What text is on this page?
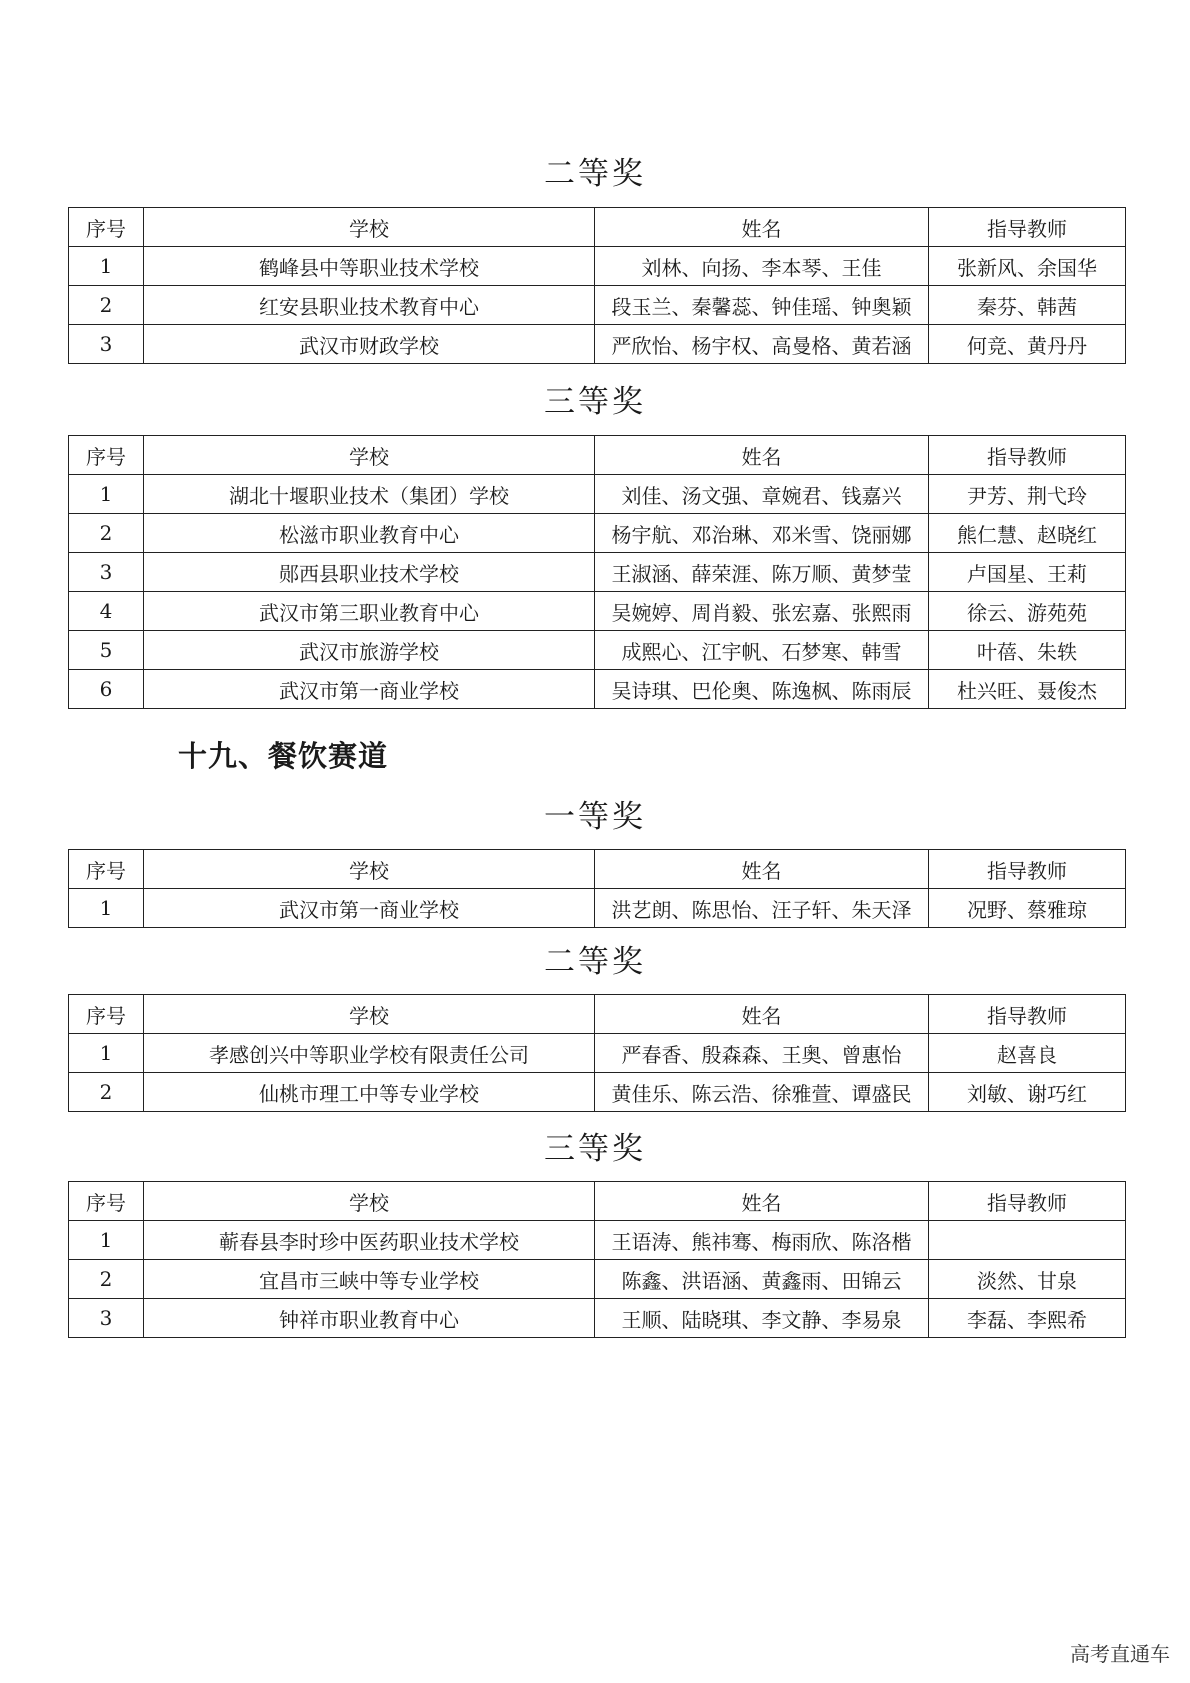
二等奖
序号	学校	姓名	指导教师
1	鹤峰县中等职业技术学校	刘林、向扬、李本琴、王佳	张新风、余国华
2	红安县职业技术教育中心	段玉兰、秦馨蕊、钟佳瑶、钟奥颖	秦芬、韩茜
3	武汉市财政学校	严欣怡、杨宇权、高曼格、黄若涵	何竞、黄丹丹
三等奖
序号	学校	姓名	指导教师
1	湖北十堰职业技术（集团）学校	刘佳、汤文强、章婉君、钱嘉兴	尹芳、荆弋玲
2	松滋市职业教育中心	杨宇航、邓治琳、邓米雪、饶丽娜	熊仁慧、赵晓红
3	郧西县职业技术学校	王淑涵、薛荣涯、陈万顺、黄梦莹	卢国星、王莉
4	武汉市第三职业教育中心	吴婉婷、周肖毅、张宏嘉、张熙雨	徐云、游苑苑
5	武汉市旅游学校	成熙心、江宇帆、石梦寒、韩雪	叶蓓、朱轶
6	武汉市第一商业学校	吴诗琪、巴伦奥、陈逸枫、陈雨辰	杜兴旺、聂俊杰
十九、餐饮赛道
一等奖
序号	学校	姓名	指导教师
1	武汉市第一商业学校	洪艺朗、陈思怡、汪子轩、朱天泽	况野、蔡雅琼
二等奖
序号	学校	姓名	指导教师
1	孝感创兴中等职业学校有限责任公司	严春香、殷森森、王奥、曾惠怡	赵喜良
2	仙桃市理工中等专业学校	黄佳乐、陈云浩、徐雅萱、谭盛民	刘敏、谢巧红
三等奖
序号	学校	姓名	指导教师
1	蕲春县李时珍中医药职业技术学校	王语涛、熊祎骞、梅雨欣、陈洛楷	
2	宜昌市三峡中等专业学校	陈鑫、洪语涵、黄鑫雨、田锦云	淡然、甘泉
3	钟祥市职业教育中心	王顺、陆晓琪、李文静、李易泉	李磊、李熙希
高考直通车
